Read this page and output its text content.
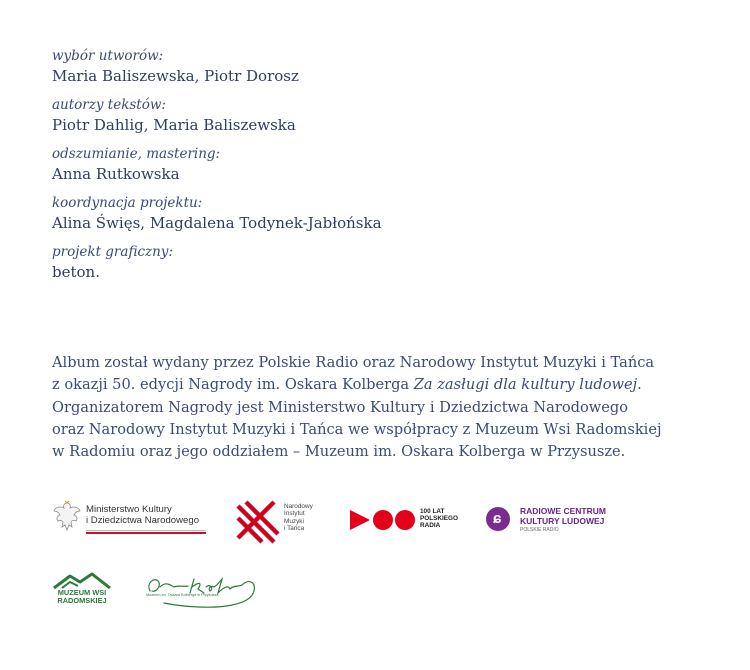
wybór utworów:
Maria Baliszewska, Piotr Dorosz
autorzy tekstów:
Piotr Dahlig, Maria Baliszewska
odszumianie, mastering:
Anna Rutkowska
koordynacja projektu:
Alina Święs, Magdalena Todynek-Jabłońska
projekt graficzny:
beton.
Album został wydany przez Polskie Radio oraz Narodowy Instytut Muzyki i Tańca
z okazji 50. edycji Nagrody im. Oskara Kolberga Za zasługi dla kultury ludowej.
Organizatorem Nagrody jest Ministerstwo Kultury i Dziedzictwa Narodowego
oraz Narodowy Instytut Muzyki i Tańca we współpracy z Muzeum Wsi Radomskiej
w Radomiu oraz jego oddziałem – Muzeum im. Oskara Kolberga w Przysusze.
Ministerstwo Kultury
i Dziedzictwa Narodowego
Narodowy
Instytut
Muzyki
i Tańca
100 LAT
POLSKIEGO
RADIA	ɕ RADIOWE CENTRUM
KULTURY LUDOWEJ
POLSKIE RADIO
MUZEUM WSI
RADOMSKIEJ
Muzeum im. Oskara Kolberga w Przysusze
